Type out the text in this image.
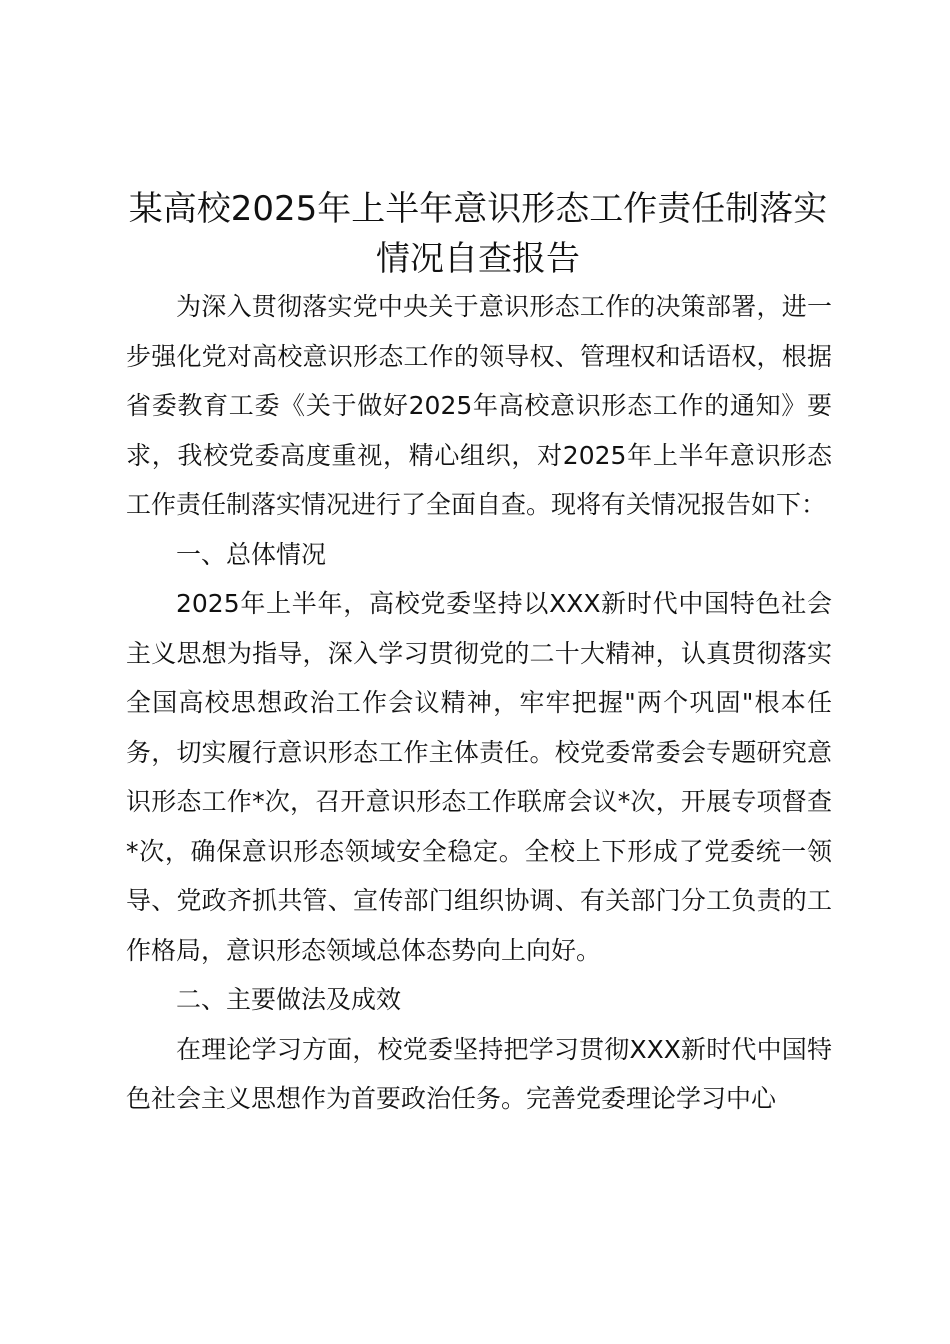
某高校2025年上半年意识形态工作责任制落实情况自查报告

为深入贯彻落实党中央关于意识形态工作的决策部署，进一步强化党对高校意识形态工作的领导权、管理权和话语权，根据省委教育工委《关于做好2025年高校意识形态工作的通知》要求，我校党委高度重视，精心组织，对2025年上半年意识形态工作责任制落实情况进行了全面自查。现将有关情况报告如下：

一、总体情况

2025年上半年，高校党委坚持以XXX新时代中国特色社会主义思想为指导，深入学习贯彻党的二十大精神，认真贯彻落实全国高校思想政治工作会议精神，牢牢把握"两个巩固"根本任务，切实履行意识形态工作主体责任。校党委常委会专题研究意识形态工作*次，召开意识形态工作联席会议*次，开展专项督查*次，确保意识形态领域安全稳定。全校上下形成了党委统一领导、党政齐抓共管、宣传部门组织协调、有关部门分工负责的工作格局，意识形态领域总体态势向上向好。

二、主要做法及成效

在理论学习方面，校党委坚持把学习贯彻XXX新时代中国特色社会主义思想作为首要政治任务。完善党委理论学习中心
